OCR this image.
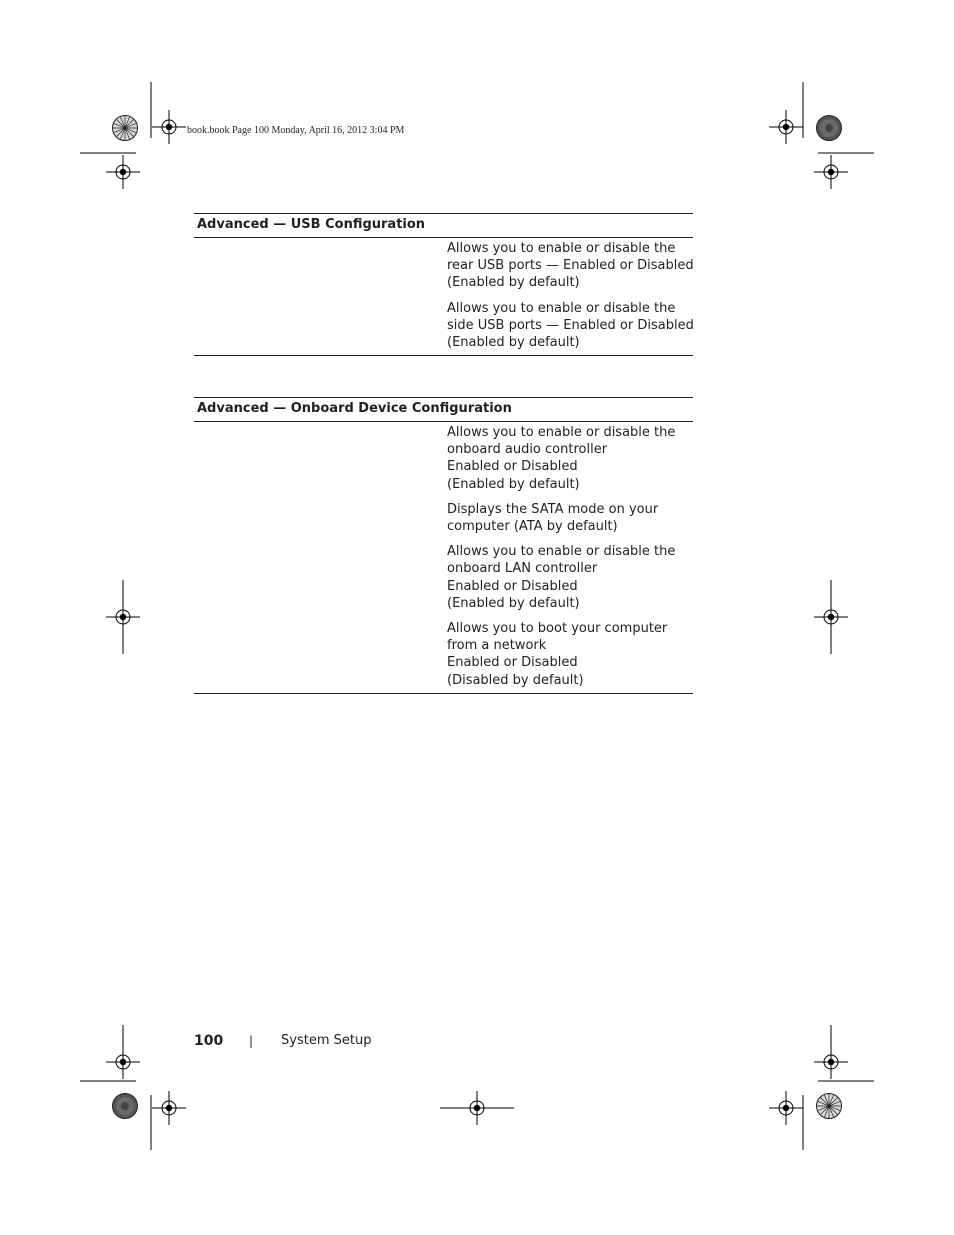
book.book Page 100 Monday, April 16, 2012 3:04 PM
Advanced — USB Configuration
Allows you to enable or disable the
rear USB ports — Enabled or Disabled
(Enabled by default)
Allows you to enable or disable the
side USB ports — Enabled or Disabled
(Enabled by default)
Advanced — Onboard Device Configuration
Allows you to enable or disable the
onboard audio controller
Enabled or Disabled
(Enabled by default)
Displays the SATA mode on your
computer (ATA by default)
Allows you to enable or disable the
onboard LAN controller
Enabled or Disabled
(Enabled by default)
Allows you to boot your computer
from a network
Enabled or Disabled
(Disabled by default)
100 | System Setup
